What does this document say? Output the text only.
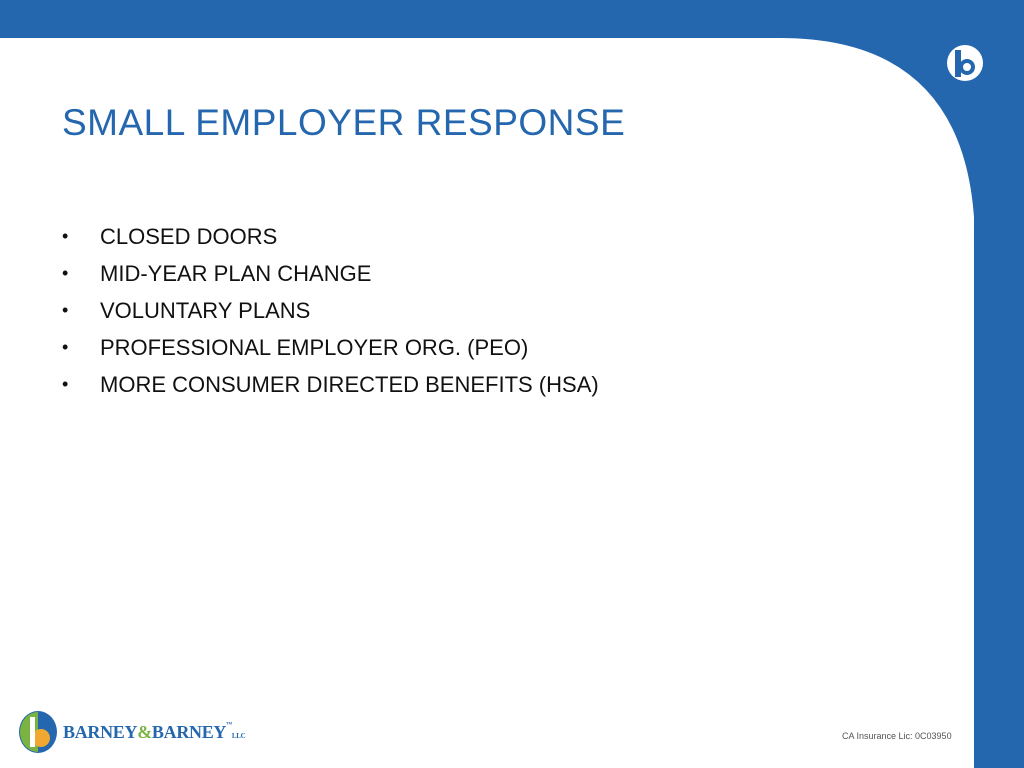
SMALL EMPLOYER RESPONSE
• CLOSED DOORS
• MID-YEAR PLAN CHANGE
• VOLUNTARY PLANS
• PROFESSIONAL EMPLOYER ORG. (PEO)
• MORE CONSUMER DIRECTED BENEFITS (HSA)
BARNEY&BARNEY™LLC	CA Insurance Lic: 0C03950
